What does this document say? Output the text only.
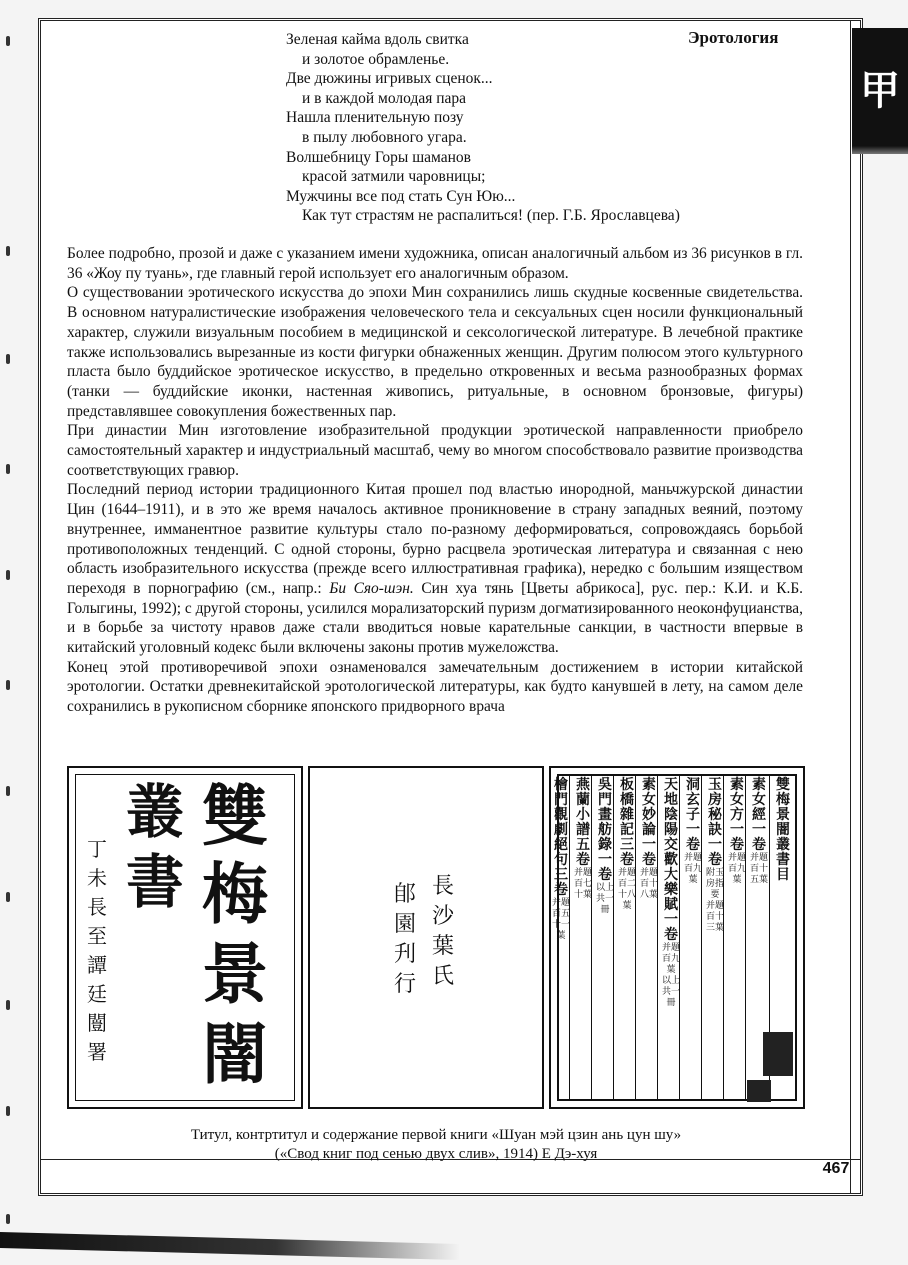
甲
Эротология
Зеленая кайма вдоль свитка
и золотое обрамленье.
Две дюжины игривых сценок...
и в каждой молодая пара
Нашла пленительную позу
в пылу любовного угара.
Волшебницу Горы шаманов
красой затмили чаровницы;
Мужчины все под стать Сун Юю...
Как тут страстям не распалиться! (пер. Г.Б. Ярославцева)

Более подробно, прозой и даже с указанием имени художника, описан аналогичный альбом из 36 рисунков в гл. 36 «Жоу пу туань», где главный герой использует его аналогичным образом.

О существовании эротического искусства до эпохи Мин сохранились лишь скудные косвенные свидетельства. В основном натуралистические изображения человеческого тела и сексуальных сцен носили функциональный характер, служили визуальным пособием в медицинской и сексологической литературе. В лечебной практике также использовались вырезанные из кости фигурки обнаженных женщин. Другим полюсом этого культурного пласта было буддийское эротическое искусство, в предельно откровенных и весьма разнообразных формах (танки — буддийские иконки, настенная живопись, ритуальные, в основном бронзовые, фигуры) представлявшее совокупления божественных пар.

При династии Мин изготовление изобразительной продукции эротической направленности приобрело самостоятельный характер и индустриальный масштаб, чему во многом способствовало развитие производства соответствующих гравюр.

Последний период истории традиционного Китая прошел под властью инородной, маньчжурской династии Цин (1644–1911), и в это же время началось активное проникновение в страну западных веяний, поэтому внутреннее, имманентное развитие культуры стало по-разному деформироваться, сопровождаясь борьбой противоположных тенденций. С одной стороны, бурно расцвела эротическая литература и связанная с нею область изобразительного искусства (прежде всего иллюстративная графика), нередко с большим изяществом переходя в порнографию (см., напр.: Би Сяо-шэн. Син хуа тянь [Цветы абрикоса], рус. пер.: К.И. и К.Б. Голыгины, 1992); с другой стороны, усилился морализаторский пуризм догматизированного неоконфуцианства, и в борьбе за чистоту нравов даже стали вводиться новые карательные санкции, в частности впервые в китайский уголовный кодекс были включены законы против мужеложства.

Конец этой противоречивой эпохи ознаменовался замечательным достижением в истории китайской эротологии. Остатки древнекитайской эротологической литературы, как будто канувшей в лету, на самом деле сохранились в рукописном сборнике японского придворного врача

雙
梅
景
闇
叢
書
丁未長至譚廷闓署
長沙葉氏
郋園刋行
雙梅景闇叢書目
素女經一卷
并題百十五葉
素女方一卷
并題百九葉
玉房秘訣一卷
附玉房指要 并題百十三葉
洞玄子一卷
并題百九葉
天地陰陽交歡大樂賦一卷
并題百九葉 以上共一冊
素女妙論一卷
并題百十八葉
板橋雜記三卷
并題百二十八葉
吳門畫舫錄一卷
以上共一冊
燕蘭小譜五卷
并題百七十葉
檜門觀劇絕句三卷
并題百五十一葉
Титул, контртитул и содержание первой книги «Шуан мэй цзин ань цун шу»
(«Свод книг под сенью двух слив», 1914) Е Дэ-хуя
467
